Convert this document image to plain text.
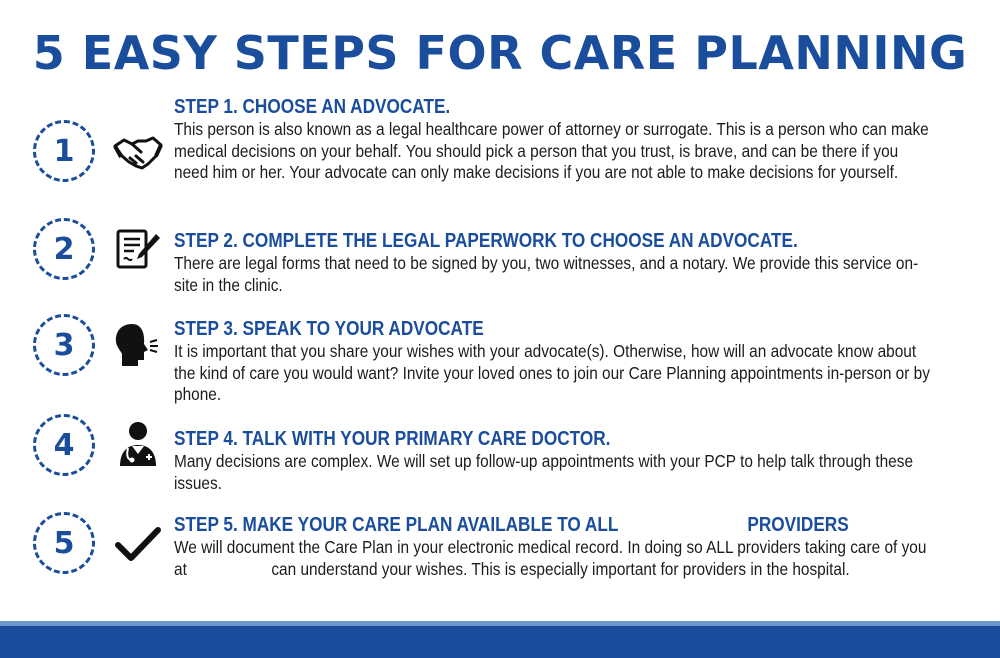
5 EASY STEPS FOR CARE PLANNING
1
STEP 1. CHOOSE AN ADVOCATE.
This person is also known as a legal healthcare power of attorney or surrogate. This is a person who can make medical decisions on your behalf. You should pick a person that you trust, is brave, and can be there if you need him or her. Your advocate can only make decisions if you are not able to make decisions for yourself.
2	STEP 2. COMPLETE THE LEGAL PAPERWORK TO CHOOSE AN ADVOCATE.
There are legal forms that need to be signed by you, two witnesses, and a notary. We provide this service on-site in the clinic.
3	STEP 3. SPEAK TO YOUR ADVOCATE
It is important that you share your wishes with your advocate(s). Otherwise, how will an advocate know about the kind of care you would want? Invite your loved ones to join our Care Planning appointments in-person or by phone.
4	STEP 4. TALK WITH YOUR PRIMARY CARE DOCTOR.
Many decisions are complex. We will set up follow-up appointments with your PCP to help talk through these issues.
5
STEP 5. MAKE YOUR CARE PLAN AVAILABLE TO ALL	PROVIDERS
We will document the Care Plan in your electronic medical record. In doing so ALL providers taking care of you at	can understand your wishes. This is especially important for providers in the hospital.
